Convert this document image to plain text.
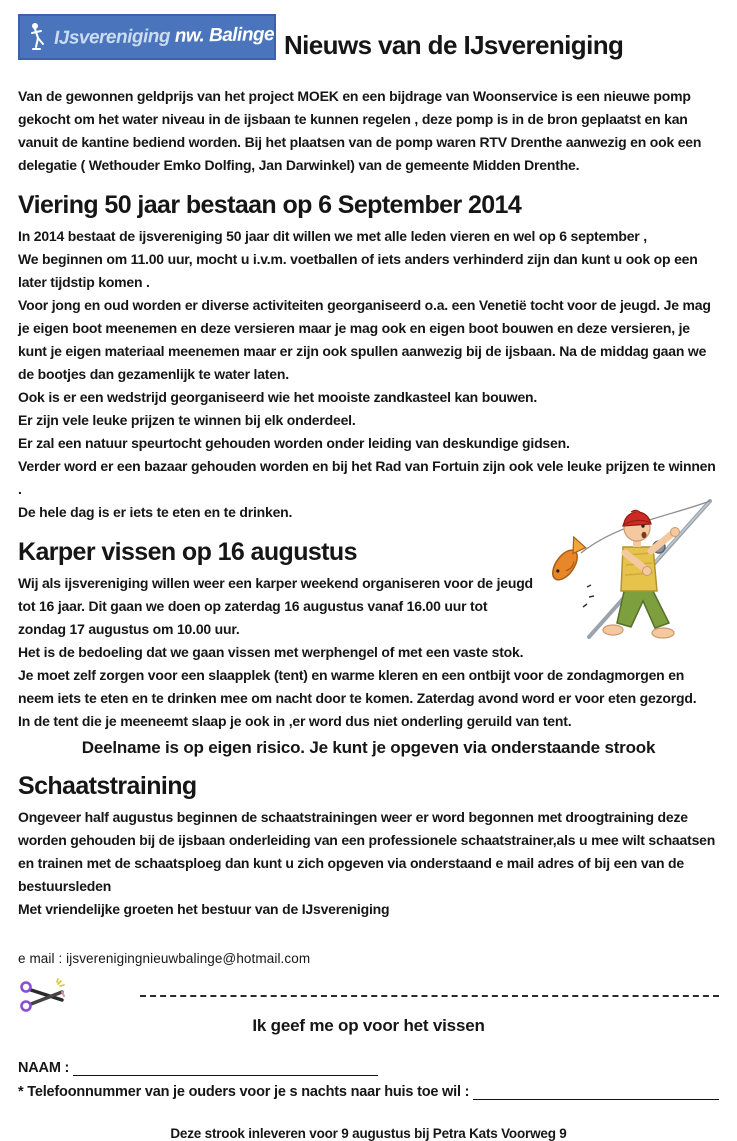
IJsvereniging nw. Balinge Nieuws van de IJsvereniging

Van de gewonnen geldprijs van het project MOEK en een bijdrage van Woonservice is een nieuwe pomp gekocht om het water niveau in de ijsbaan te kunnen regelen , deze pomp is in de bron geplaatst en kan vanuit de kantine bediend worden. Bij het plaatsen van de pomp waren RTV Drenthe aanwezig en ook een delegatie ( Wethouder Emko Dolfing, Jan Darwinkel) van de gemeente Midden Drenthe.

Viering 50 jaar bestaan op 6 September 2014

In 2014 bestaat de ijsvereniging 50 jaar dit willen we met alle leden vieren en wel op 6 september ,

We beginnen om 11.00 uur, mocht u i.v.m. voetballen of iets anders verhinderd zijn dan kunt u ook op een later tijdstip komen .

Voor jong en oud worden er diverse activiteiten georganiseerd o.a. een Venetië tocht voor de jeugd. Je mag je eigen boot meenemen en deze versieren maar je mag ook en eigen boot bouwen en deze versieren, je kunt je eigen materiaal meenemen maar er zijn ook spullen aanwezig bij de ijsbaan. Na de middag gaan we de bootjes dan gezamenlijk te water laten.

Ook is er een wedstrijd georganiseerd wie het mooiste zandkasteel kan bouwen.

Er zijn vele leuke prijzen te winnen bij elk onderdeel.

Er zal een natuur speurtocht gehouden worden onder leiding van deskundige gidsen.

Verder word er een bazaar gehouden worden en bij het Rad van Fortuin zijn ook vele leuke prijzen te winnen .

De hele dag is er iets te eten en te drinken.

Karper vissen op 16 augustus

Wij als ijsvereniging willen weer een karper weekend organiseren voor de jeugd tot 16 jaar. Dit gaan we doen op zaterdag 16 augustus vanaf 16.00 uur tot zondag 17 augustus om 10.00 uur.

Het is de bedoeling dat we gaan vissen met werphengel of met een vaste stok.

Je moet zelf zorgen voor een slaapplek (tent) en warme kleren en een ontbijt voor de zondagmorgen en neem iets te eten en te drinken mee om nacht door te komen. Zaterdag avond word er voor eten gezorgd.

In de tent die je meeneemt slaap je ook in ,er word dus niet onderling geruild van tent.

Deelname is op eigen risico. Je kunt je opgeven via onderstaande strook
Schaatstraining

Ongeveer half augustus beginnen de schaatstrainingen weer er word begonnen met droogtraining deze worden gehouden bij de ijsbaan onderleiding van een professionele schaatstrainer,als u mee wilt schaatsen en trainen met de schaatsploeg dan kunt u zich opgeven via onderstaand e mail adres of bij een van de bestuursleden

Met vriendelijke groeten het bestuur van de IJsvereniging

e mail : ijsverenigingnieuwbalinge@hotmail.com

Ik geef me op voor het vissen
NAAM :
* Telefoonnummer van je ouders voor je s nachts naar huis toe wil :
Deze strook inleveren voor 9 augustus bij Petra Kats Voorweg 9
